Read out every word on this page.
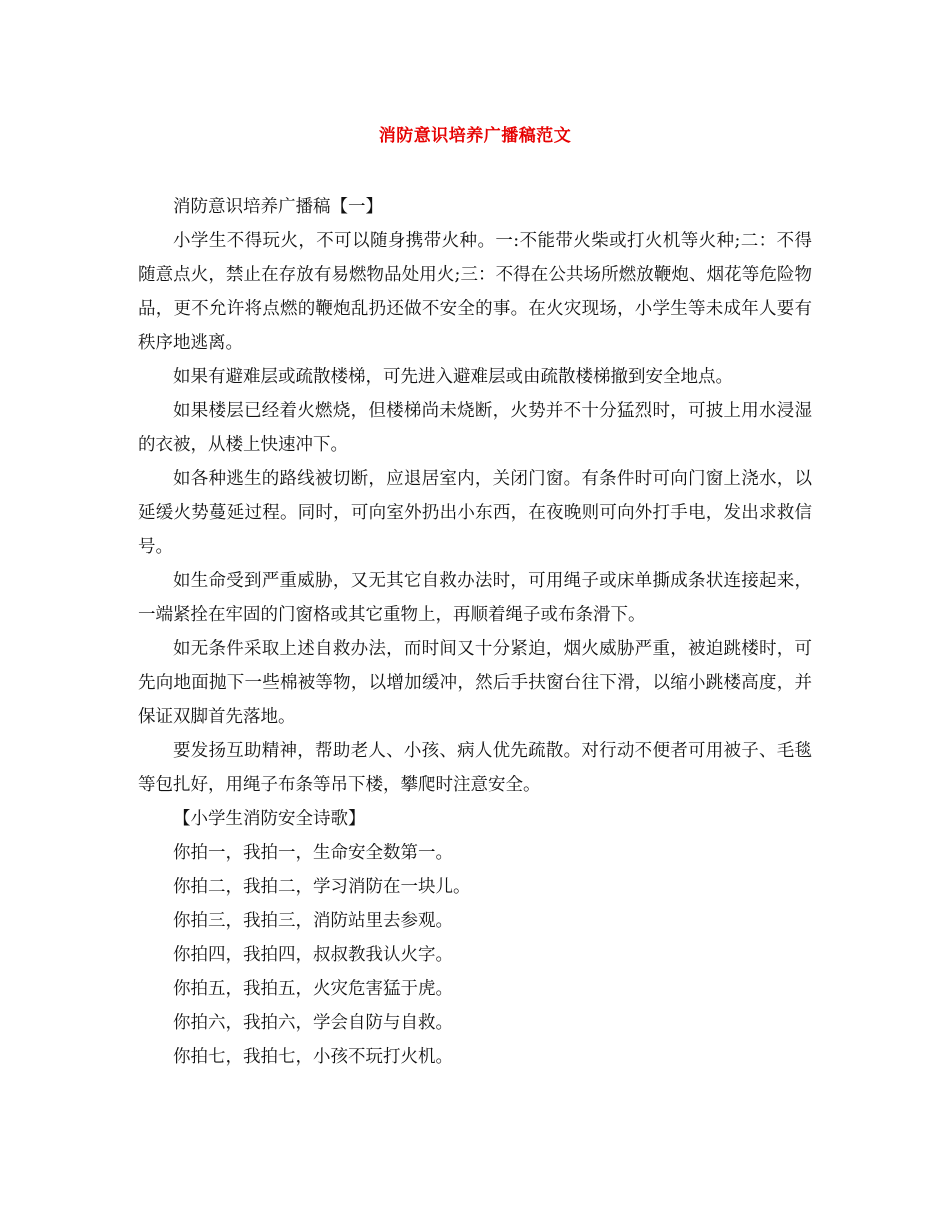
消防意识培养广播稿范文

消防意识培养广播稿【一】

小学生不得玩火，不可以随身携带火种。一:不能带火柴或打火机等火种;二：不得随意点火，禁止在存放有易燃物品处用火;三：不得在公共场所燃放鞭炮、烟花等危险物品，更不允许将点燃的鞭炮乱扔还做不安全的事。在火灾现场，小学生等未成年人要有秩序地逃离。

如果有避难层或疏散楼梯，可先进入避难层或由疏散楼梯撤到安全地点。

如果楼层已经着火燃烧，但楼梯尚未烧断，火势并不十分猛烈时，可披上用水浸湿的衣被，从楼上快速冲下。

如各种逃生的路线被切断，应退居室内，关闭门窗。有条件时可向门窗上浇水，以延缓火势蔓延过程。同时，可向室外扔出小东西，在夜晚则可向外打手电，发出求救信号。

如生命受到严重威胁，又无其它自救办法时，可用绳子或床单撕成条状连接起来，一端紧拴在牢固的门窗格或其它重物上，再顺着绳子或布条滑下。

如无条件采取上述自救办法，而时间又十分紧迫，烟火威胁严重，被迫跳楼时，可先向地面抛下一些棉被等物，以增加缓冲，然后手扶窗台往下滑，以缩小跳楼高度，并保证双脚首先落地。

要发扬互助精神，帮助老人、小孩、病人优先疏散。对行动不便者可用被子、毛毯等包扎好，用绳子布条等吊下楼，攀爬时注意安全。

【小学生消防安全诗歌】

你拍一，我拍一，生命安全数第一。

你拍二，我拍二，学习消防在一块儿。

你拍三，我拍三，消防站里去参观。

你拍四，我拍四，叔叔教我认火字。

你拍五，我拍五，火灾危害猛于虎。

你拍六，我拍六，学会自防与自救。

你拍七，我拍七，小孩不玩打火机。
